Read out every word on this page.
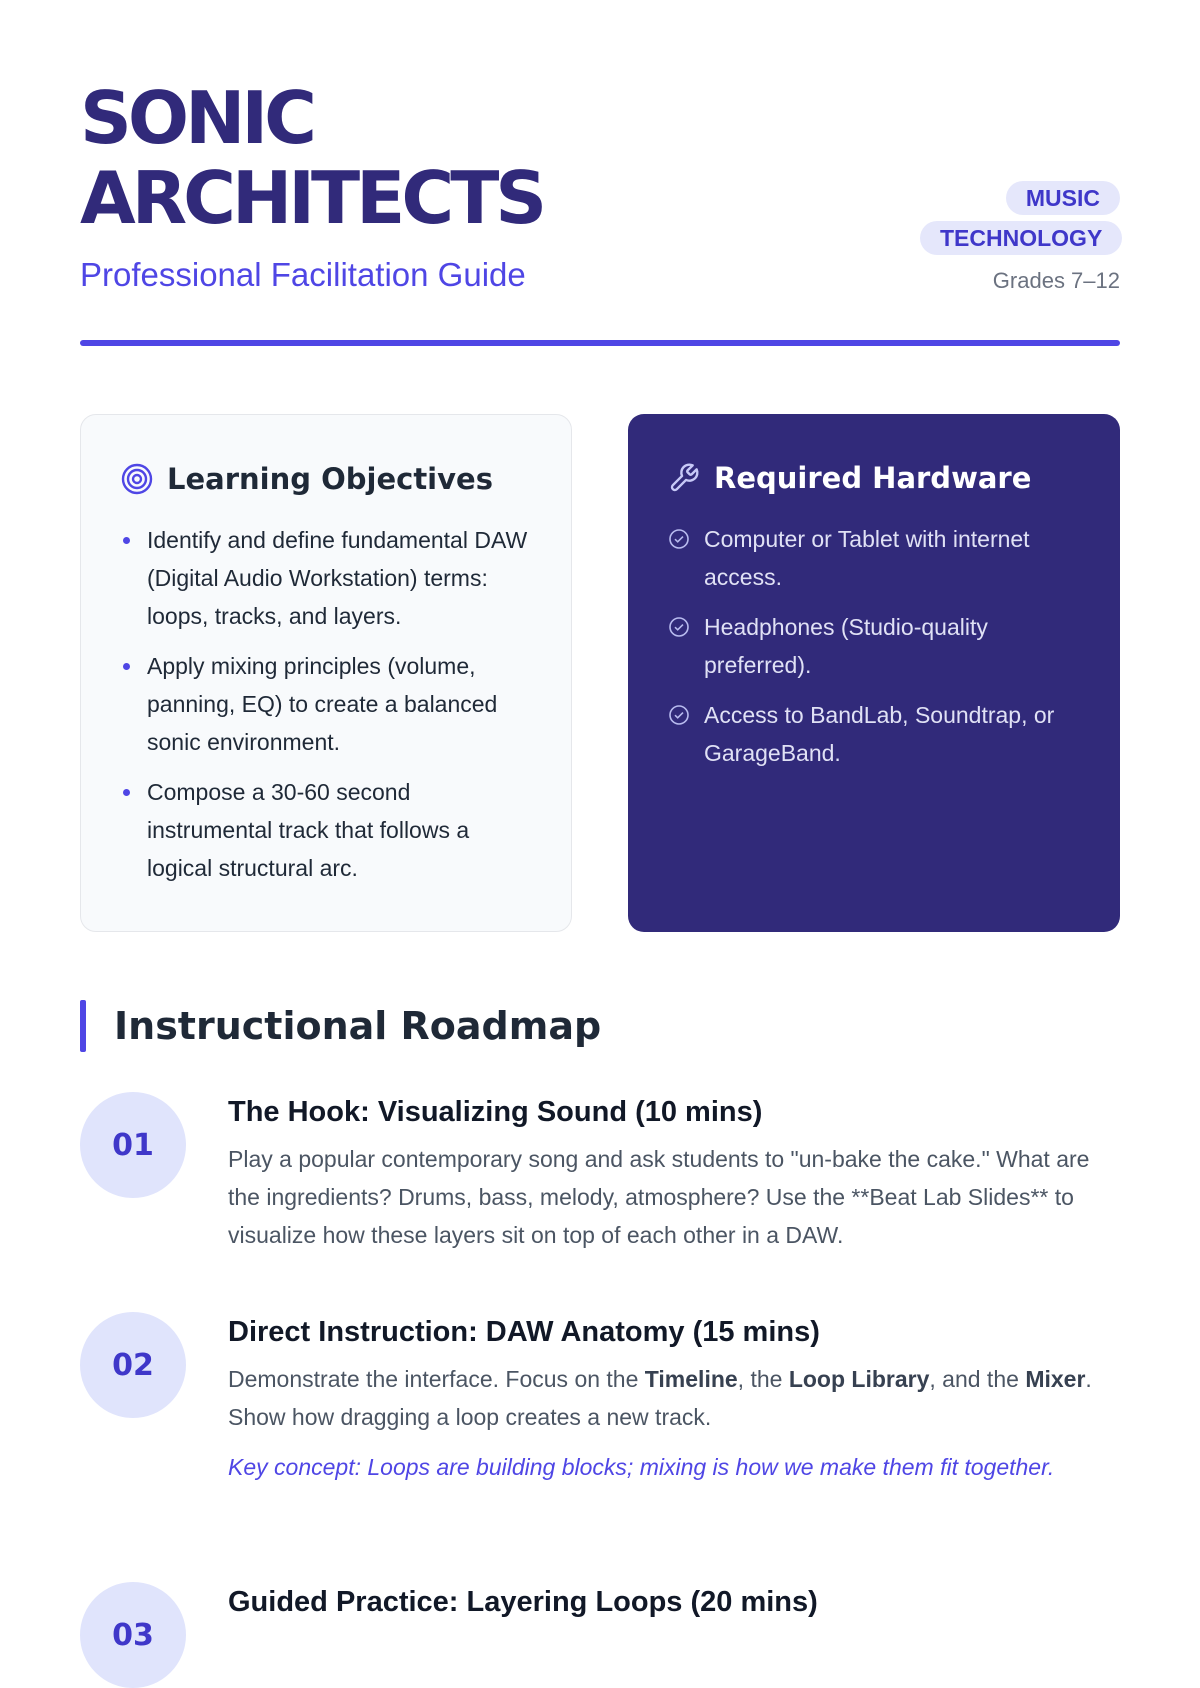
SONIC
ARCHITECTS
Professional Facilitation Guide
MUSIC
TECHNOLOGY
Grades 7–12
Learning Objectives
Identify and define fundamental DAW (Digital Audio Workstation) terms: loops, tracks, and layers.
Apply mixing principles (volume, panning, EQ) to create a balanced sonic environment.
Compose a 30-60 second instrumental track that follows a logical structural arc.
Required Hardware
Computer or Tablet with internet access.
Headphones (Studio-quality preferred).
Access to BandLab, Soundtrap, or GarageBand.
Instructional Roadmap
01
The Hook: Visualizing Sound (10 mins)

Play a popular contemporary song and ask students to "un-bake the cake." What are the ingredients? Drums, bass, melody, atmosphere? Use the **Beat Lab Slides** to visualize how these layers sit on top of each other in a DAW.

02
Direct Instruction: DAW Anatomy (15 mins)

Demonstrate the interface. Focus on the Timeline, the Loop Library, and the Mixer. Show how dragging a loop creates a new track.

Key concept: Loops are building blocks; mixing is how we make them fit together.

03
Guided Practice: Layering Loops (20 mins)
